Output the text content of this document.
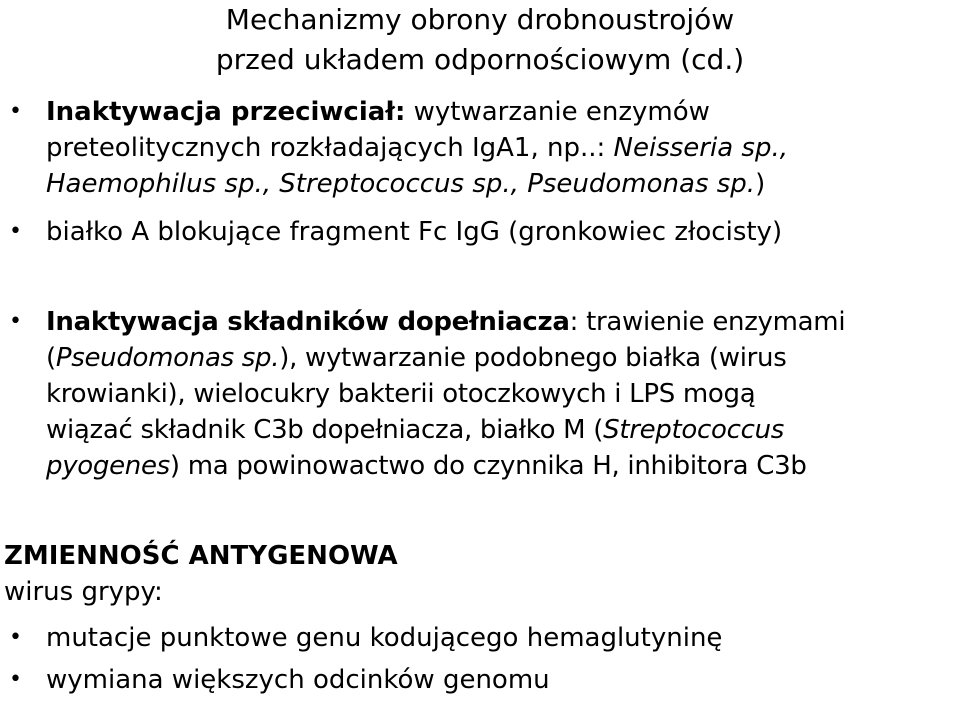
Mechanizmy obrony drobnoustrojów
przed układem odpornościowym (cd.)
• Inaktywacja przeciwciał: wytwarzanie enzymów
preteolitycznych rozkładających IgA1, np..: Neisseria sp.,
Haemophilus sp., Streptococcus sp., Pseudomonas sp.)
• białko A blokujące fragment Fc IgG (gronkowiec złocisty)
• Inaktywacja składników dopełniacza: trawienie enzymami
(Pseudomonas sp.), wytwarzanie podobnego białka (wirus
krowianki), wielocukry bakterii otoczkowych i LPS mogą
wiązać składnik C3b dopełniacza, białko M (Streptococcus
pyogenes) ma powinowactwo do czynnika H, inhibitora C3b
ZMIENNOŚĆ ANTYGENOWA
wirus grypy:
• mutacje punktowe genu kodującego hemaglutyninę
• wymiana większych odcinków genomu
